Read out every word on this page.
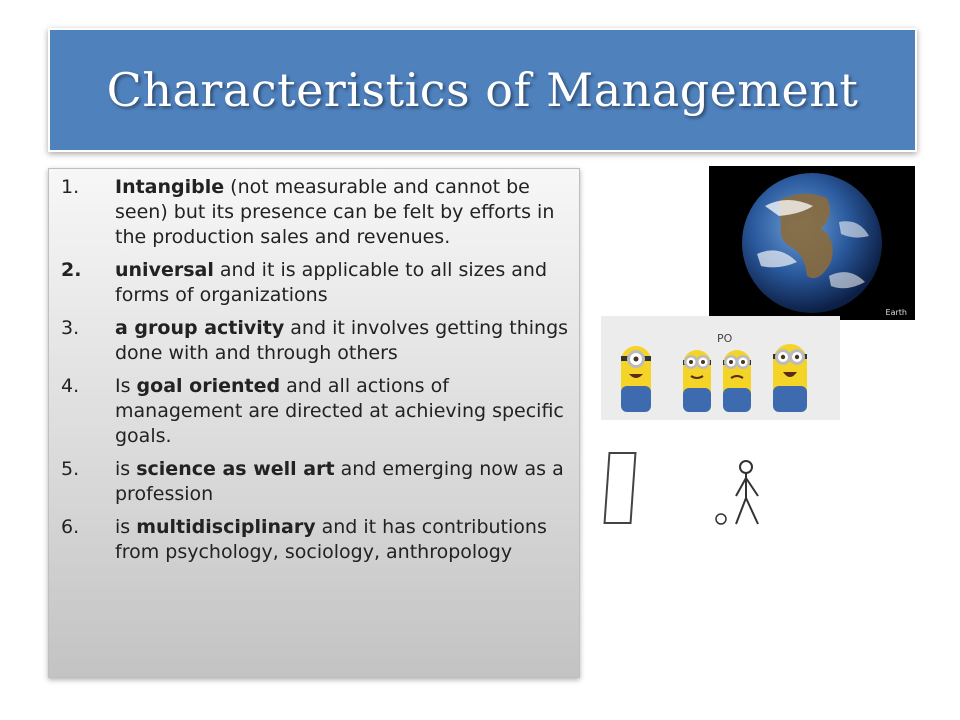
Characteristics of Management
1.	Intangible (not measurable and cannot be seen) but its presence can be felt by efforts in the production sales and revenues.
2.	universal and it is applicable to all sizes and forms of organizations
3.	a group activity and it involves getting things done with and through others
4.	Is goal oriented and all actions of management are directed at achieving specific goals.
5.	is science as well art and emerging now as a profession
6.	is multidisciplinary and it has contributions from psychology, sociology, anthropology
Earth
PO
